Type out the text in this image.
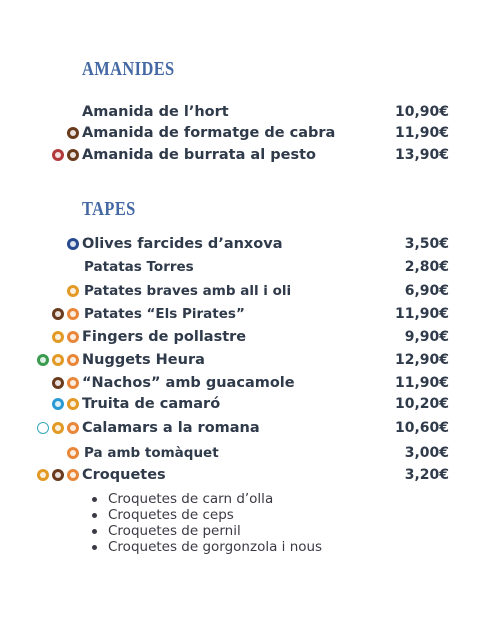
AMANIDES
Amanida de l’hort	10,90€
Amanida de formatge de cabra	11,90€
Amanida de burrata al pesto	13,90€
TAPES
Olives farcides d’anxova	3,50€
Patatas Torres	2,80€
Patates braves amb all i oli	6,90€
Patates “Els Pirates”	11,90€
Fingers de pollastre	9,90€
Nuggets Heura	12,90€
“Nachos” amb guacamole	11,90€
Truita de camaró	10,20€
Calamars a la romana	10,60€
Pa amb tomàquet	3,00€
Croquetes	3,20€
Croquetes de carn d’olla
Croquetes de ceps
Croquetes de pernil
Croquetes de gorgonzola i nous
